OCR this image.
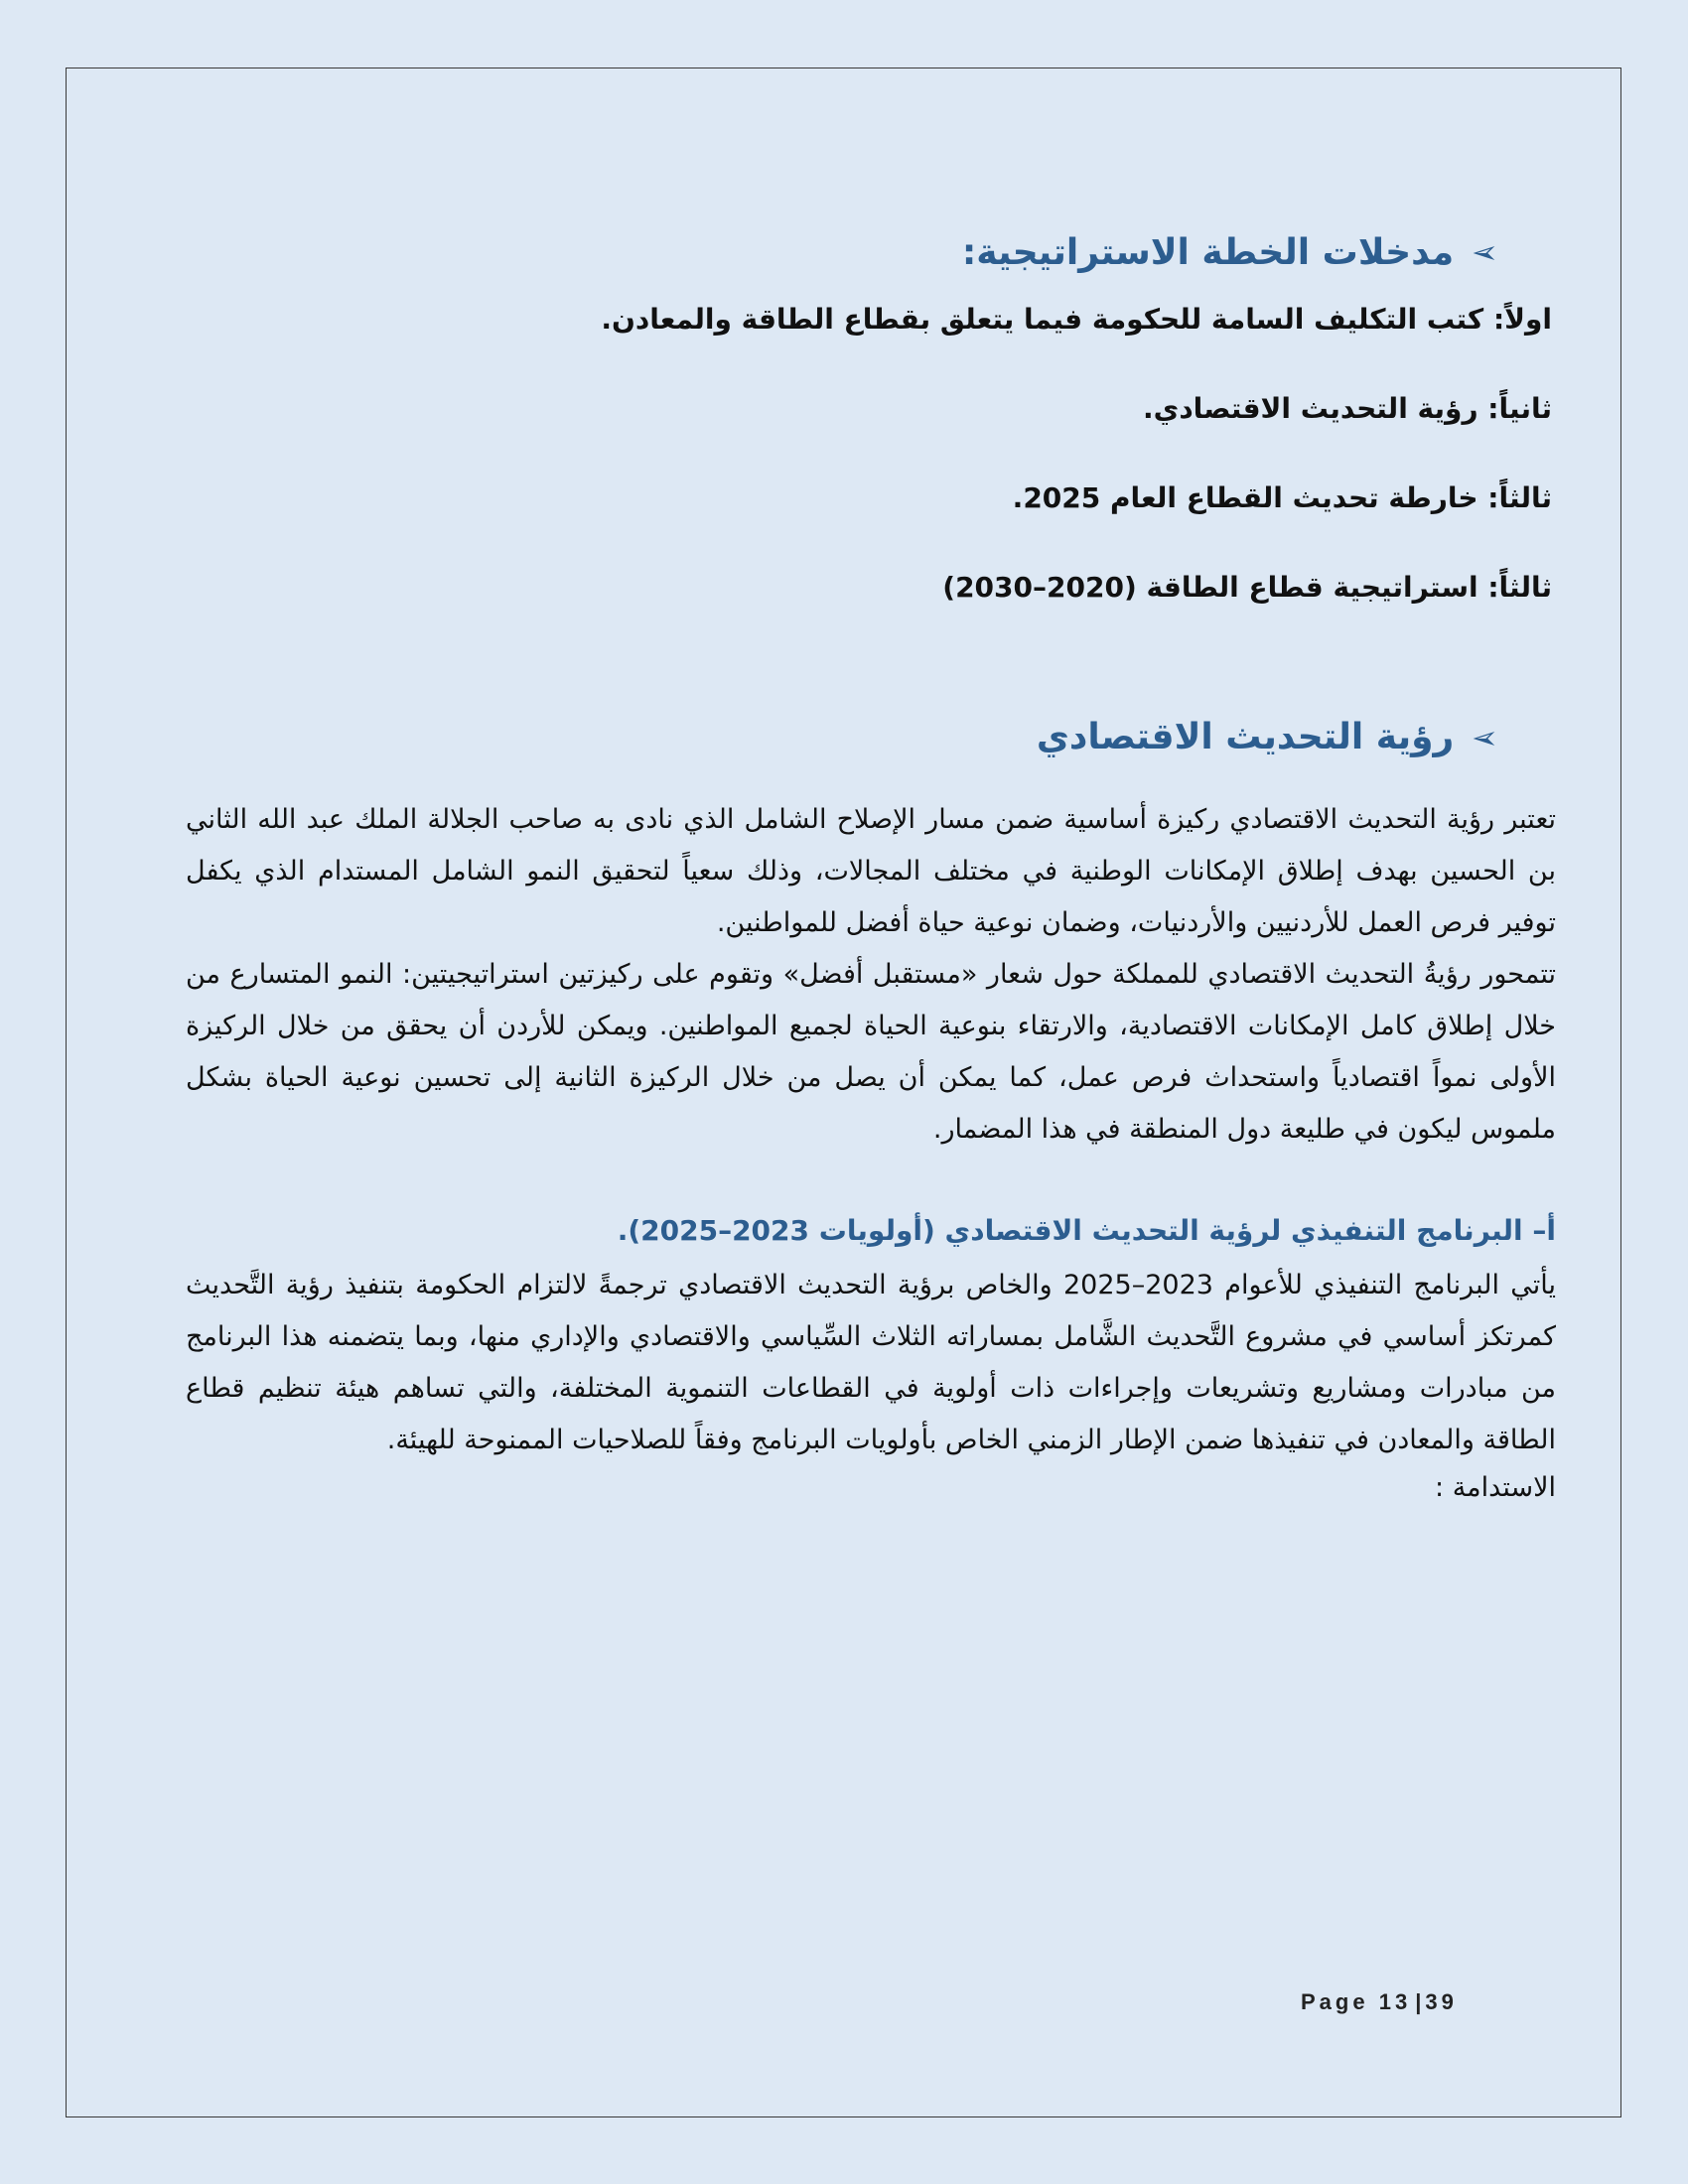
➢
مدخلات الخطة الاستراتيجية:

اولاً: كتب التكليف السامة للحكومة فيما يتعلق بقطاع الطاقة والمعادن.

ثانياً: رؤية التحديث الاقتصادي.

ثالثاً: خارطة تحديث القطاع العام 2025.

ثالثاً: استراتيجية قطاع الطاقة (2020–2030)

➢
رؤية التحديث الاقتصادي

تعتبر رؤية التحديث الاقتصادي ركيزة أساسية ضمن مسار الإصلاح الشامل الذي نادى به صاحب الجلالة الملك عبد الله الثاني بن الحسين بهدف إطلاق الإمكانات الوطنية في مختلف المجالات، وذلك سعياً لتحقيق النمو الشامل المستدام الذي يكفل توفير فرص العمل للأردنيين والأردنيات، وضمان نوعية حياة أفضل للمواطنين.

تتمحور رؤيةُ التحديث الاقتصادي للمملكة حول شعار «مستقبل أفضل» وتقوم على ركيزتين استراتيجيتين: النمو المتسارع من خلال إطلاق كامل الإمكانات الاقتصادية، والارتقاء بنوعية الحياة لجميع المواطنين. ويمكن للأردن أن يحقق من خلال الركيزة الأولى نمواً اقتصادياً واستحداث فرص عمل، كما يمكن أن يصل من خلال الركيزة الثانية إلى تحسين نوعية الحياة بشكل ملموس ليكون في طليعة دول المنطقة في هذا المضمار.

أ– البرنامج التنفيذي لرؤية التحديث الاقتصادي (أولويات 2023–2025).

يأتي البرنامج التنفيذي للأعوام 2023–2025 والخاص برؤية التحديث الاقتصادي ترجمةً لالتزام الحكومة بتنفيذ رؤية التَّحديث كمرتكز أساسي في مشروع التَّحديث الشَّامل بمساراته الثلاث السِّياسي والاقتصادي والإداري منها، وبما يتضمنه هذا البرنامج من مبادرات ومشاريع وتشريعات وإجراءات ذات أولوية في القطاعات التنموية المختلفة، والتي تساهم هيئة تنظيم قطاع الطاقة والمعادن في تنفيذها ضمن الإطار الزمني الخاص بأولويات البرنامج وفقاً للصلاحيات الممنوحة للهيئة.

الاستدامة :

Page 13 | 39
